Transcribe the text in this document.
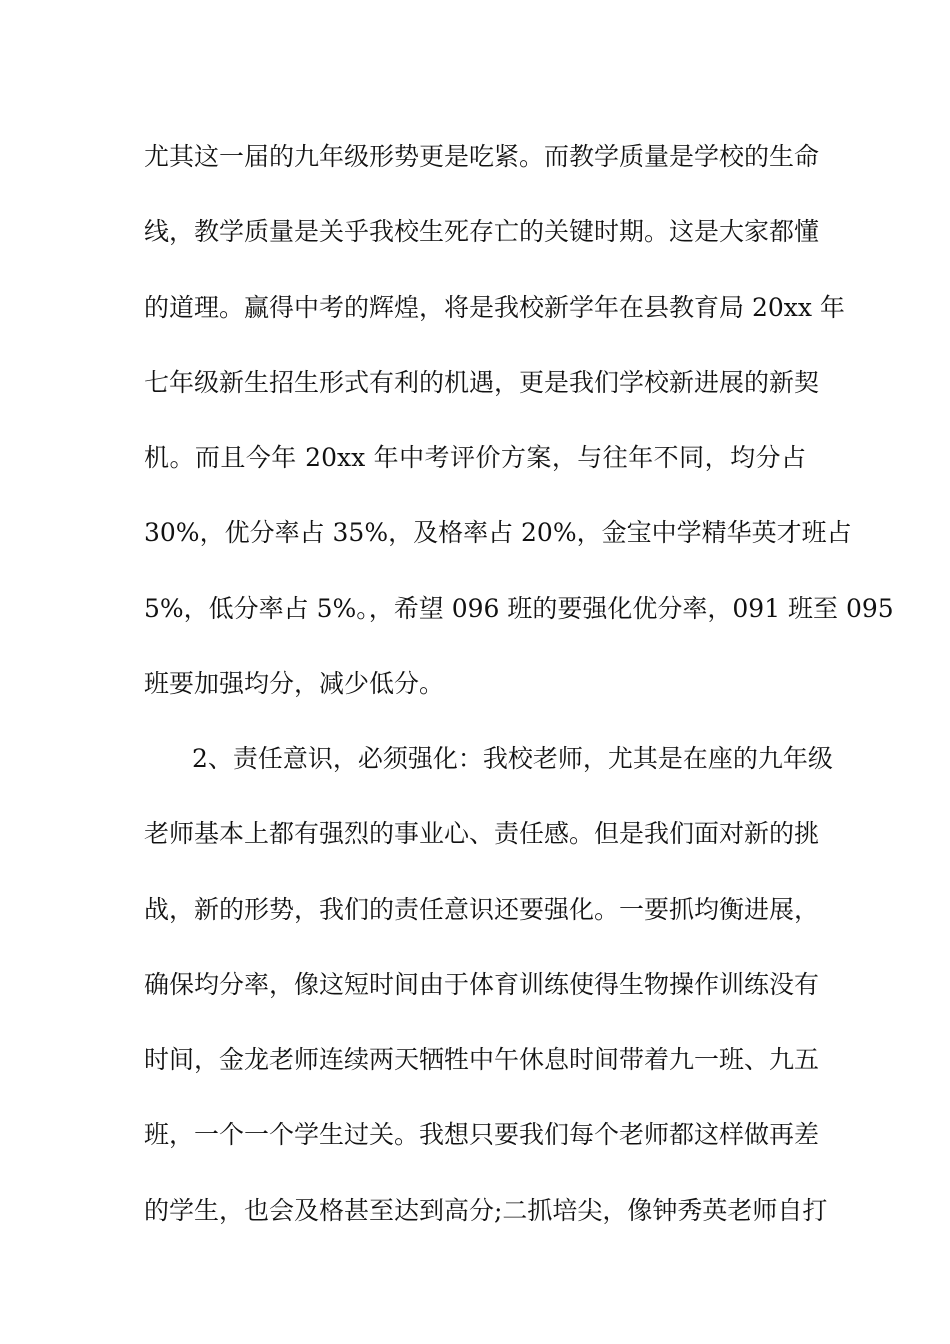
尤其这一届的九年级形势更是吃紧。而教学质量是学校的生命
线，教学质量是关乎我校生死存亡的关键时期。这是大家都懂
的道理。赢得中考的辉煌，将是我校新学年在县教育局 20xx 年
七年级新生招生形式有利的机遇，更是我们学校新进展的新契
机。而且今年 20xx 年中考评价方案，与往年不同，均分占
30%，优分率占 35%，及格率占 20%，金宝中学精华英才班占
5%，低分率占 5%。，希望 096 班的要强化优分率，091 班至 095
班要加强均分，减少低分。
2、责任意识，必须强化：我校老师，尤其是在座的九年级
老师基本上都有强烈的事业心、责任感。但是我们面对新的挑
战，新的形势，我们的责任意识还要强化。一要抓均衡进展，
确保均分率，像这短时间由于体育训练使得生物操作训练没有
时间，金龙老师连续两天牺牲中午休息时间带着九一班、九五
班，一个一个学生过关。我想只要我们每个老师都这样做再差
的学生，也会及格甚至达到高分;二抓培尖，像钟秀英老师自打
